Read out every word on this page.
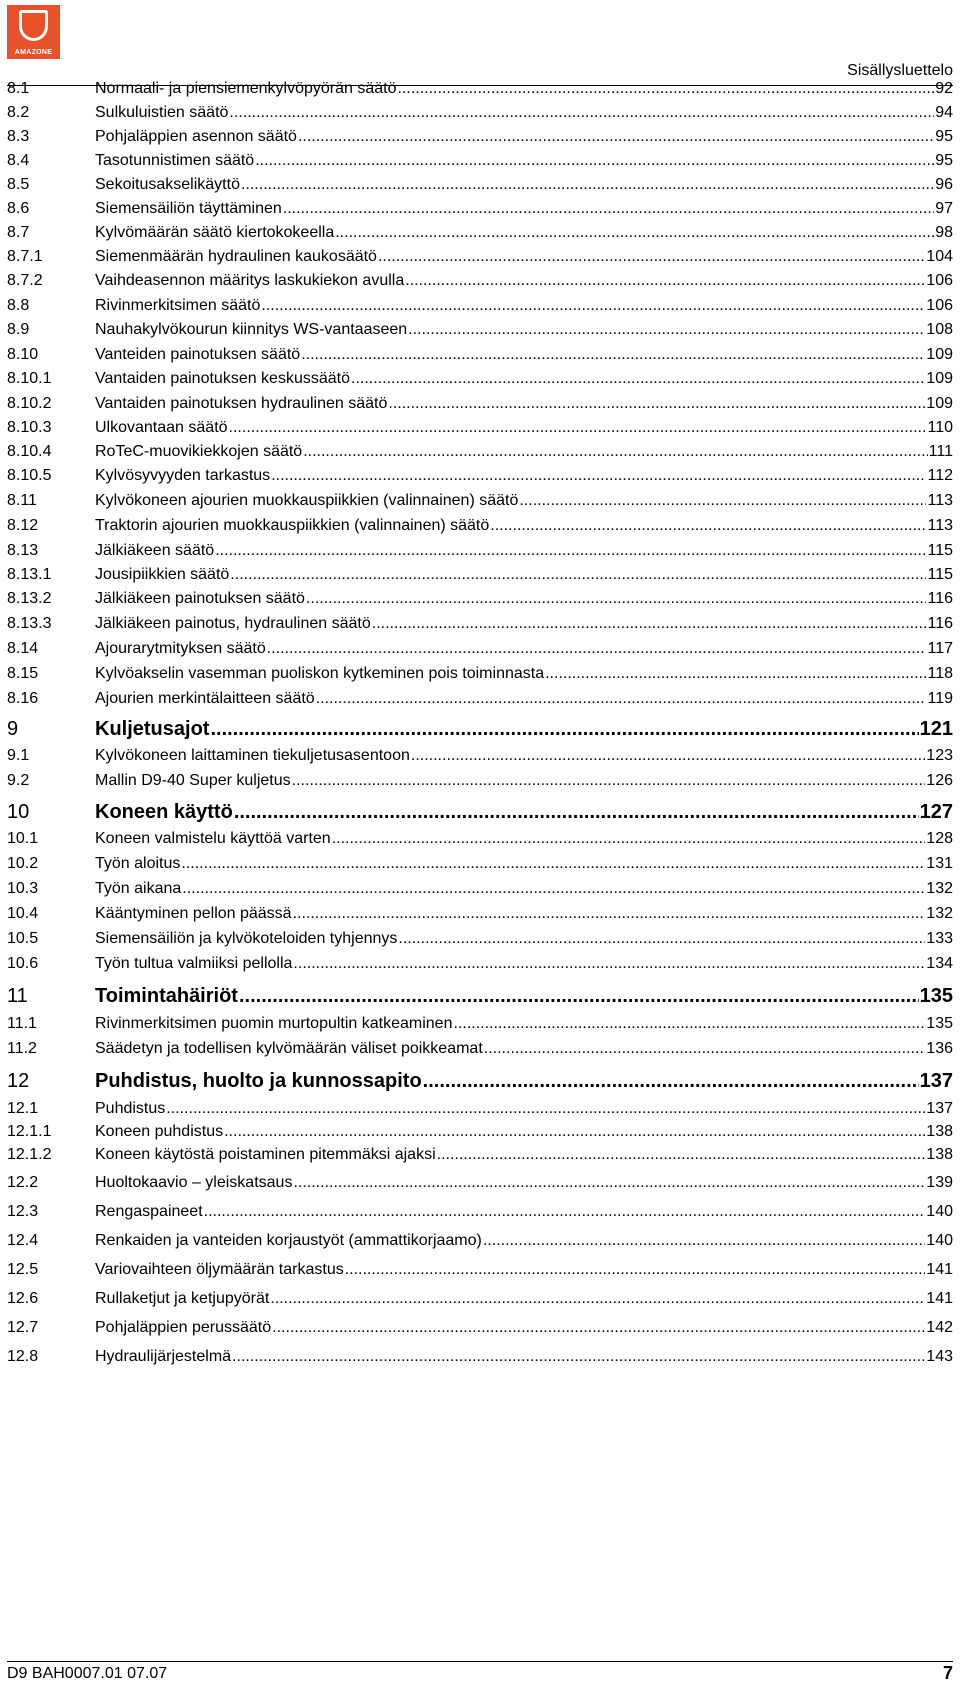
AMAZONE
Sisällysluettelo
8.1	Normaali- ja piensiemenkylvöpyörän säätö .....	92
8.2	Sulkuluistien säätö .....	94
8.3	Pohjaläppien asennon säätö .....	95
8.4	Tasotunnistimen säätö .....	95
8.5	Sekoitusakselikäyttö .....	96
8.6	Siemensäiliön täyttäminen .....	97
8.7	Kylvömäärän säätö kiertokokeella .....	98
8.7.1	Siemenmäärän hydraulinen kaukosäätö .....	104
8.7.2	Vaihdeasennon määritys laskukiekon avulla .....	106
8.8	Rivinmerkitsimen säätö .....	106
8.9	Nauhakylvökourun kiinnitys WS-vantaaseen .....	108
8.10	Vanteiden painotuksen säätö .....	109
8.10.1	Vantaiden painotuksen keskussäätö .....	109
8.10.2	Vantaiden painotuksen hydraulinen säätö .....	109
8.10.3	Ulkovantaan säätö .....	110
8.10.4	RoTeC-muovikiekkojen säätö .....	111
8.10.5	Kylvösyvyyden tarkastus .....	112
8.11	Kylvökoneen ajourien muokkauspiikkien (valinnainen) säätö .....	113
8.12	Traktorin ajourien muokkauspiikkien (valinnainen) säätö .....	113
8.13	Jälkiäkeen säätö .....	115
8.13.1	Jousipiikkien säätö .....	115
8.13.2	Jälkiäkeen painotuksen säätö .....	116
8.13.3	Jälkiäkeen painotus, hydraulinen säätö .....	116
8.14	Ajourarytmityksen säätö .....	117
8.15	Kylvöakselin vasemman puoliskon kytkeminen pois toiminnasta .....	118
8.16	Ajourien merkintälaitteen säätö .....	119
9	Kuljetusajot .....	121
9.1	Kylvökoneen laittaminen tiekuljetusasentoon .....	123
9.2	Mallin D9-40 Super kuljetus .....	126
10	Koneen käyttö .....	127
10.1	Koneen valmistelu käyttöä varten .....	128
10.2	Työn aloitus .....	131
10.3	Työn aikana .....	132
10.4	Kääntyminen pellon päässä .....	132
10.5	Siemensäiliön ja kylvökoteloiden tyhjennys .....	133
10.6	Työn tultua valmiiksi pellolla .....	134
11	Toimintahäiriöt .....	135
11.1	Rivinmerkitsimen puomin murtopultin katkeaminen .....	135
11.2	Säädetyn ja todellisen kylvömäärän väliset poikkeamat .....	136
12	Puhdistus, huolto ja kunnossapito .....	137
12.1	Puhdistus .....	137
12.1.1	Koneen puhdistus .....	138
12.1.2	Koneen käytöstä poistaminen pitemmäksi ajaksi .....	138
12.2	Huoltokaavio – yleiskatsaus .....	139
12.3	Rengaspaineet .....	140
12.4	Renkaiden ja vanteiden korjaustyöt (ammattikorjaamo) .....	140
12.5	Variovaihteen öljymäärän tarkastus .....	141
12.6	Rullaketjut ja ketjupyörät .....	141
12.7	Pohjaläppien perussäätö .....	142
12.8	Hydraulijärjestelmä .....	143
D9 BAH0007.01 07.07	7
